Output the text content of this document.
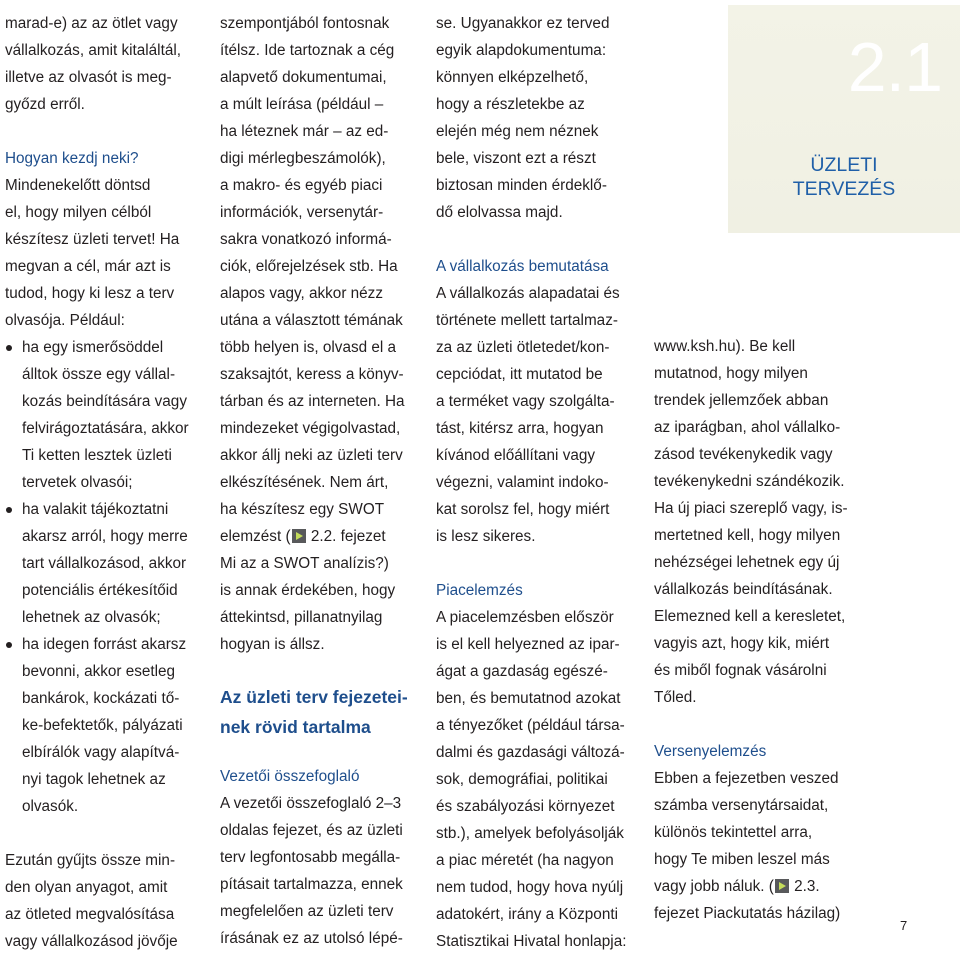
marad-e) az az ötlet vagy

vállalkozás, amit kitaláltál,

illetve az olvasót is meg-

győzd erről.

Hogyan kezdj neki?

Mindenekelőtt döntsd

el, hogy milyen célból

készítesz üzleti tervet! Ha

megvan a cél, már azt is

tudod, hogy ki lesz a terv

olvasója. Például:

ha egy ismerősöddel

álltok össze egy vállal-

kozás beindítására vagy

felvirágoztatására, akkor

Ti ketten lesztek üzleti

tervetek olvasói;

ha valakit tájékoztatni

akarsz arról, hogy merre

tart vállalkozásod, akkor

potenciális értékesítőid

lehetnek az olvasók;

ha idegen forrást akarsz

bevonni, akkor esetleg

bankárok, kockázati tő-

ke-befektetők, pályázati

elbírálók vagy alapítvá-

nyi tagok lehetnek az

olvasók.

Ezután gyűjts össze min-

den olyan anyagot, amit

az ötleted megvalósítása

vagy vállalkozásod jövője

szempontjából fontosnak

ítélsz. Ide tartoznak a cég

alapvető dokumentumai,

a múlt leírása (például –

ha léteznek már – az ed-

digi mérlegbeszámolók),

a makro- és egyéb piaci

információk, versenytár-

sakra vonatkozó informá-

ciók, előrejelzések stb. Ha

alapos vagy, akkor nézz

utána a választott témának

több helyen is, olvasd el a

szaksajtót, keress a könyv-

tárban és az interneten. Ha

mindezeket végigolvastad,

akkor állj neki az üzleti terv

elkészítésének. Nem árt,

ha készítesz egy SWOT

elemzést ( 2.2. fejezet

Mi az a SWOT analízis?)

is annak érdekében, hogy

áttekintsd, pillanatnyilag

hogyan is állsz.

Az üzleti terv fejezetei-

nek rövid tartalma

Vezetői összefoglaló

A vezetői összefoglaló 2–3

oldalas fejezet, és az üzleti

terv legfontosabb megálla-

pításait tartalmazza, ennek

megfelelően az üzleti terv

írásának ez az utolsó lépé-

se. Ugyanakkor ez terved

egyik alapdokumentuma:

könnyen elképzelhető,

hogy a részletekbe az

elején még nem néznek

bele, viszont ezt a részt

biztosan minden érdeklő-

dő elolvassa majd.

A vállalkozás bemutatása

A vállalkozás alapadatai és

története mellett tartalmaz-

za az üzleti ötletedet/kon-

cepciódat, itt mutatod be

a terméket vagy szolgálta-

tást, kitérsz arra, hogyan

kívánod előállítani vagy

végezni, valamint indoko-

kat sorolsz fel, hogy miért

is lesz sikeres.

Piacelemzés

A piacelemzésben először

is el kell helyezned az ipar-

ágat a gazdaság egészé-

ben, és bemutatnod azokat

a tényezőket (például társa-

dalmi és gazdasági változá-

sok, demográfiai, politikai

és szabályozási környezet

stb.), amelyek befolyásolják

a piac méretét (ha nagyon

nem tudod, hogy hova nyúlj

adatokért, irány a Központi

Statisztikai Hivatal honlapja:

2.1
ÜZLETI
TERVEZÉS

www.ksh.hu). Be kell

mutatnod, hogy milyen

trendek jellemzőek abban

az iparágban, ahol vállalko-

zásod tevékenykedik vagy

tevékenykedni szándékozik.

Ha új piaci szereplő vagy, is-

mertetned kell, hogy milyen

nehézségei lehetnek egy új

vállalkozás beindításának.

Elemezned kell a keresletet,

vagyis azt, hogy kik, miért

és miből fognak vásárolni

Tőled.

Versenyelemzés

Ebben a fejezetben veszed

számba versenytársaidat,

különös tekintettel arra,

hogy Te miben leszel más

vagy jobb náluk. ( 2.3.

fejezet Piackutatás házilag)

7
